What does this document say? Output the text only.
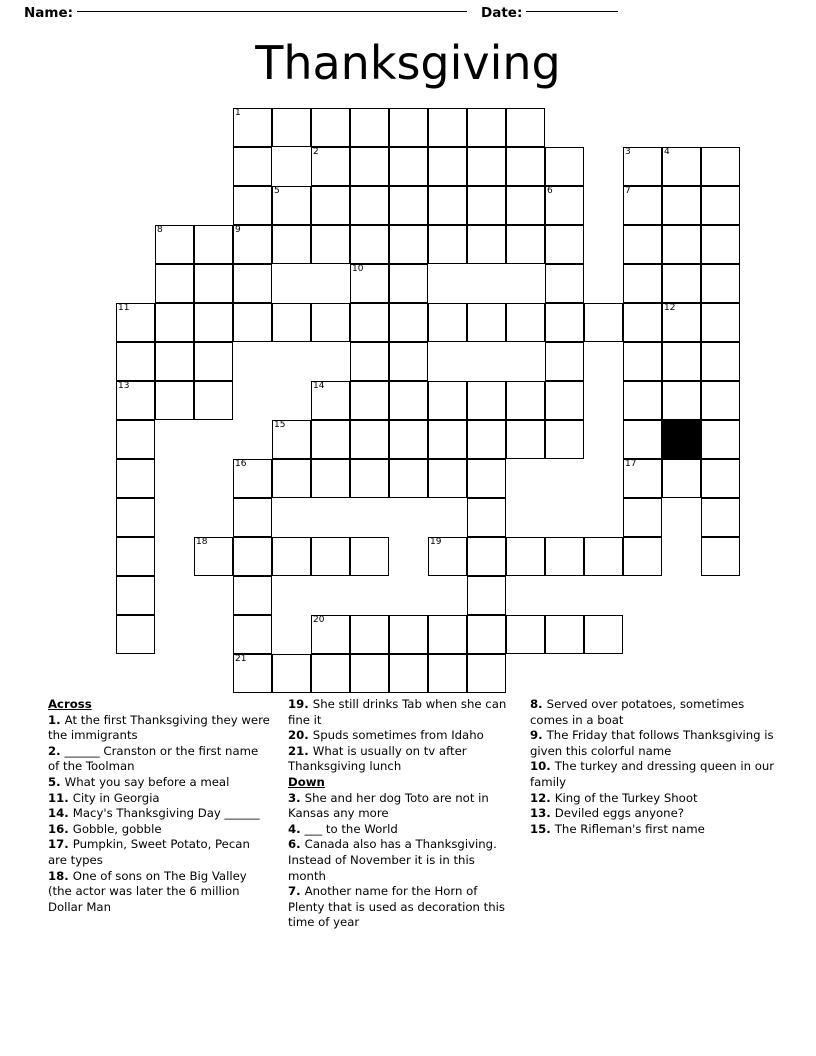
Name:	Date:
Thanksgiving
1
2	3	4
5	6	7
8	9
10
11	12
13	14
15
16	17
18	19
20
21
Across
1. At the first Thanksgiving they were the immigrants
2. ______ Cranston or the first name of the Toolman
5. What you say before a meal
11. City in Georgia
14. Macy's Thanksgiving Day ______
16. Gobble, gobble
17. Pumpkin, Sweet Potato, Pecan are types
18. One of sons on The Big Valley (the actor was later the 6 million Dollar Man
19. She still drinks Tab when she can fine it
20. Spuds sometimes from Idaho
21. What is usually on tv after Thanksgiving lunch
Down
3. She and her dog Toto are not in Kansas any more
4. ___ to the World
6. Canada also has a Thanksgiving. Instead of November it is in this month
7. Another name for the Horn of Plenty that is used as decoration this time of year
8. Served over potatoes, sometimes comes in a boat
9. The Friday that follows Thanksgiving is given this colorful name
10. The turkey and dressing queen in our family
12. King of the Turkey Shoot
13. Deviled eggs anyone?
15. The Rifleman's first name
